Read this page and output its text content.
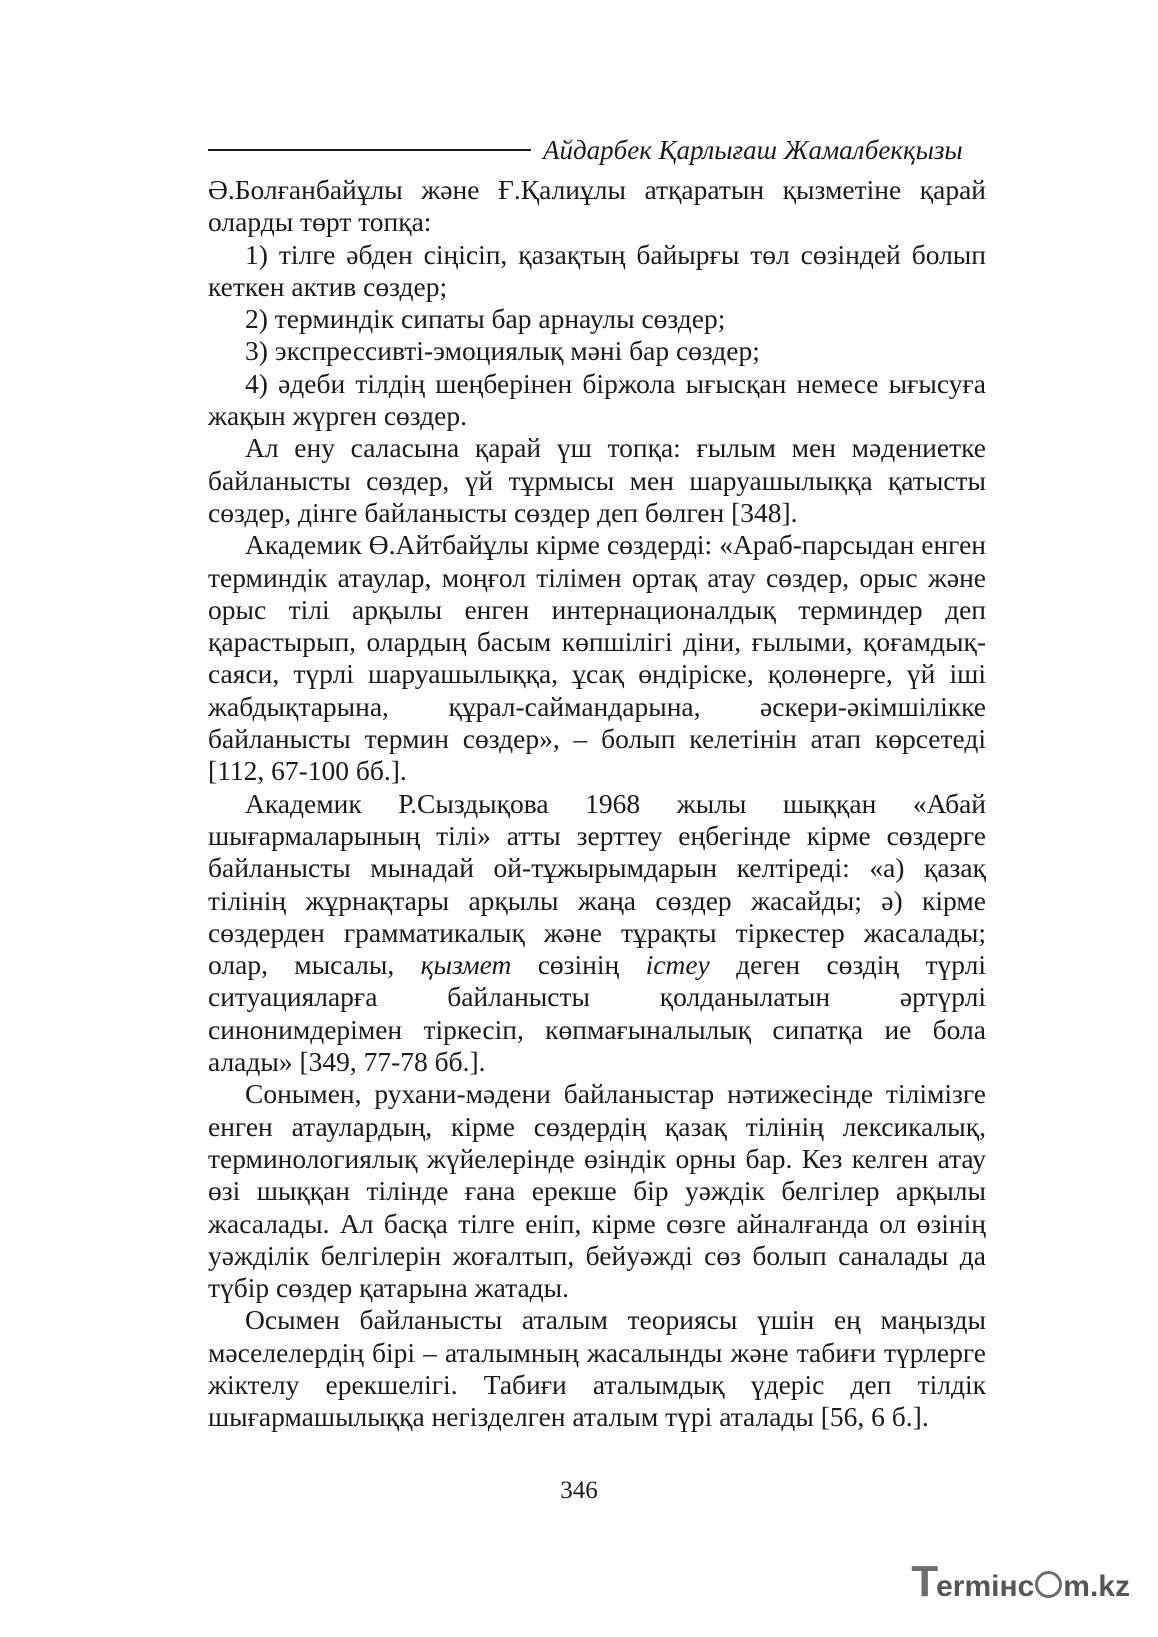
Айдарбек Қарлығаш Жамалбекқызы

Ә.Болғанбайұлы және Ғ.Қалиұлы атқаратын қызметіне қарай оларды төрт топқа:

1) тілге әбден сіңісіп, қазақтың байырғы төл сөзіндей болып кеткен актив сөздер;

2) терминдік сипаты бар арнаулы сөздер;

3) экспрессивті-эмоциялық мәні бар сөздер;

4) әдеби тілдің шеңберінен біржола ығысқан немесе ығысуға жақын жүрген сөздер.

Ал ену саласына қарай үш топқа: ғылым мен мәдениетке байланысты сөздер, үй тұрмысы мен шаруашылыққа қатысты сөздер, дінге байланысты сөздер деп бөлген [348].

Академик Ө.Айтбайұлы кірме сөздерді: «Араб-парсыдан енген терминдік атаулар, моңғол тілімен ортақ атау сөздер, орыс және орыс тілі арқылы енген интернационалдық терминдер деп қарастырып, олардың басым көпшілігі діни, ғылыми, қоғамдық-саяси, түрлі шаруашылыққа, ұсақ өндіріске, қолөнерге, үй іші жабдықтарына, құрал-саймандарына, әскери-әкімшілікке байланысты термин сөздер», – болып келетінін атап көрсетеді [112, 67-100 бб.].

Академик Р.Сыздықова 1968 жылы шыққан «Абай шығармаларының тілі» атты зерттеу еңбегінде кірме сөздерге байланысты мынадай ой-тұжырымдарын келтіреді: «а) қазақ тілінің жұрнақтары арқылы жаңа сөздер жасайды; ә) кірме сөздерден грамматикалық және тұрақты тіркестер жасалады; олар, мысалы, қызмет сөзінің істеу деген сөздің түрлі ситуацияларға байланысты қолданылатын әртүрлі синонимдерімен тіркесіп, көпмағыналылық сипатқа ие бола алады» [349, 77-78 бб.].

Сонымен, рухани-мәдени байланыстар нәтижесінде тілімізге енген атаулардың, кірме сөздердің қазақ тілінің лексикалық, терминологиялық жүйелерінде өзіндік орны бар. Кез келген атау өзі шыққан тілінде ғана ерекше бір уәждік белгілер арқылы жасалады. Ал басқа тілге еніп, кірме сөзге айналғанда ол өзінің уәжділік белгілерін жоғалтып, бейуәжді сөз болып саналады да түбір сөздер қатарына жатады.

Осымен байланысты аталым теориясы үшін ең маңызды мәселелердің бірі – аталымның жасалынды және табиғи түрлерге жіктелу ерекшелігі. Табиғи аталымдық үдеріс деп тілдік шығармашылыққа негізделген аталым түрі аталады [56, 6 б.].

346
T
ermінс m.kz
